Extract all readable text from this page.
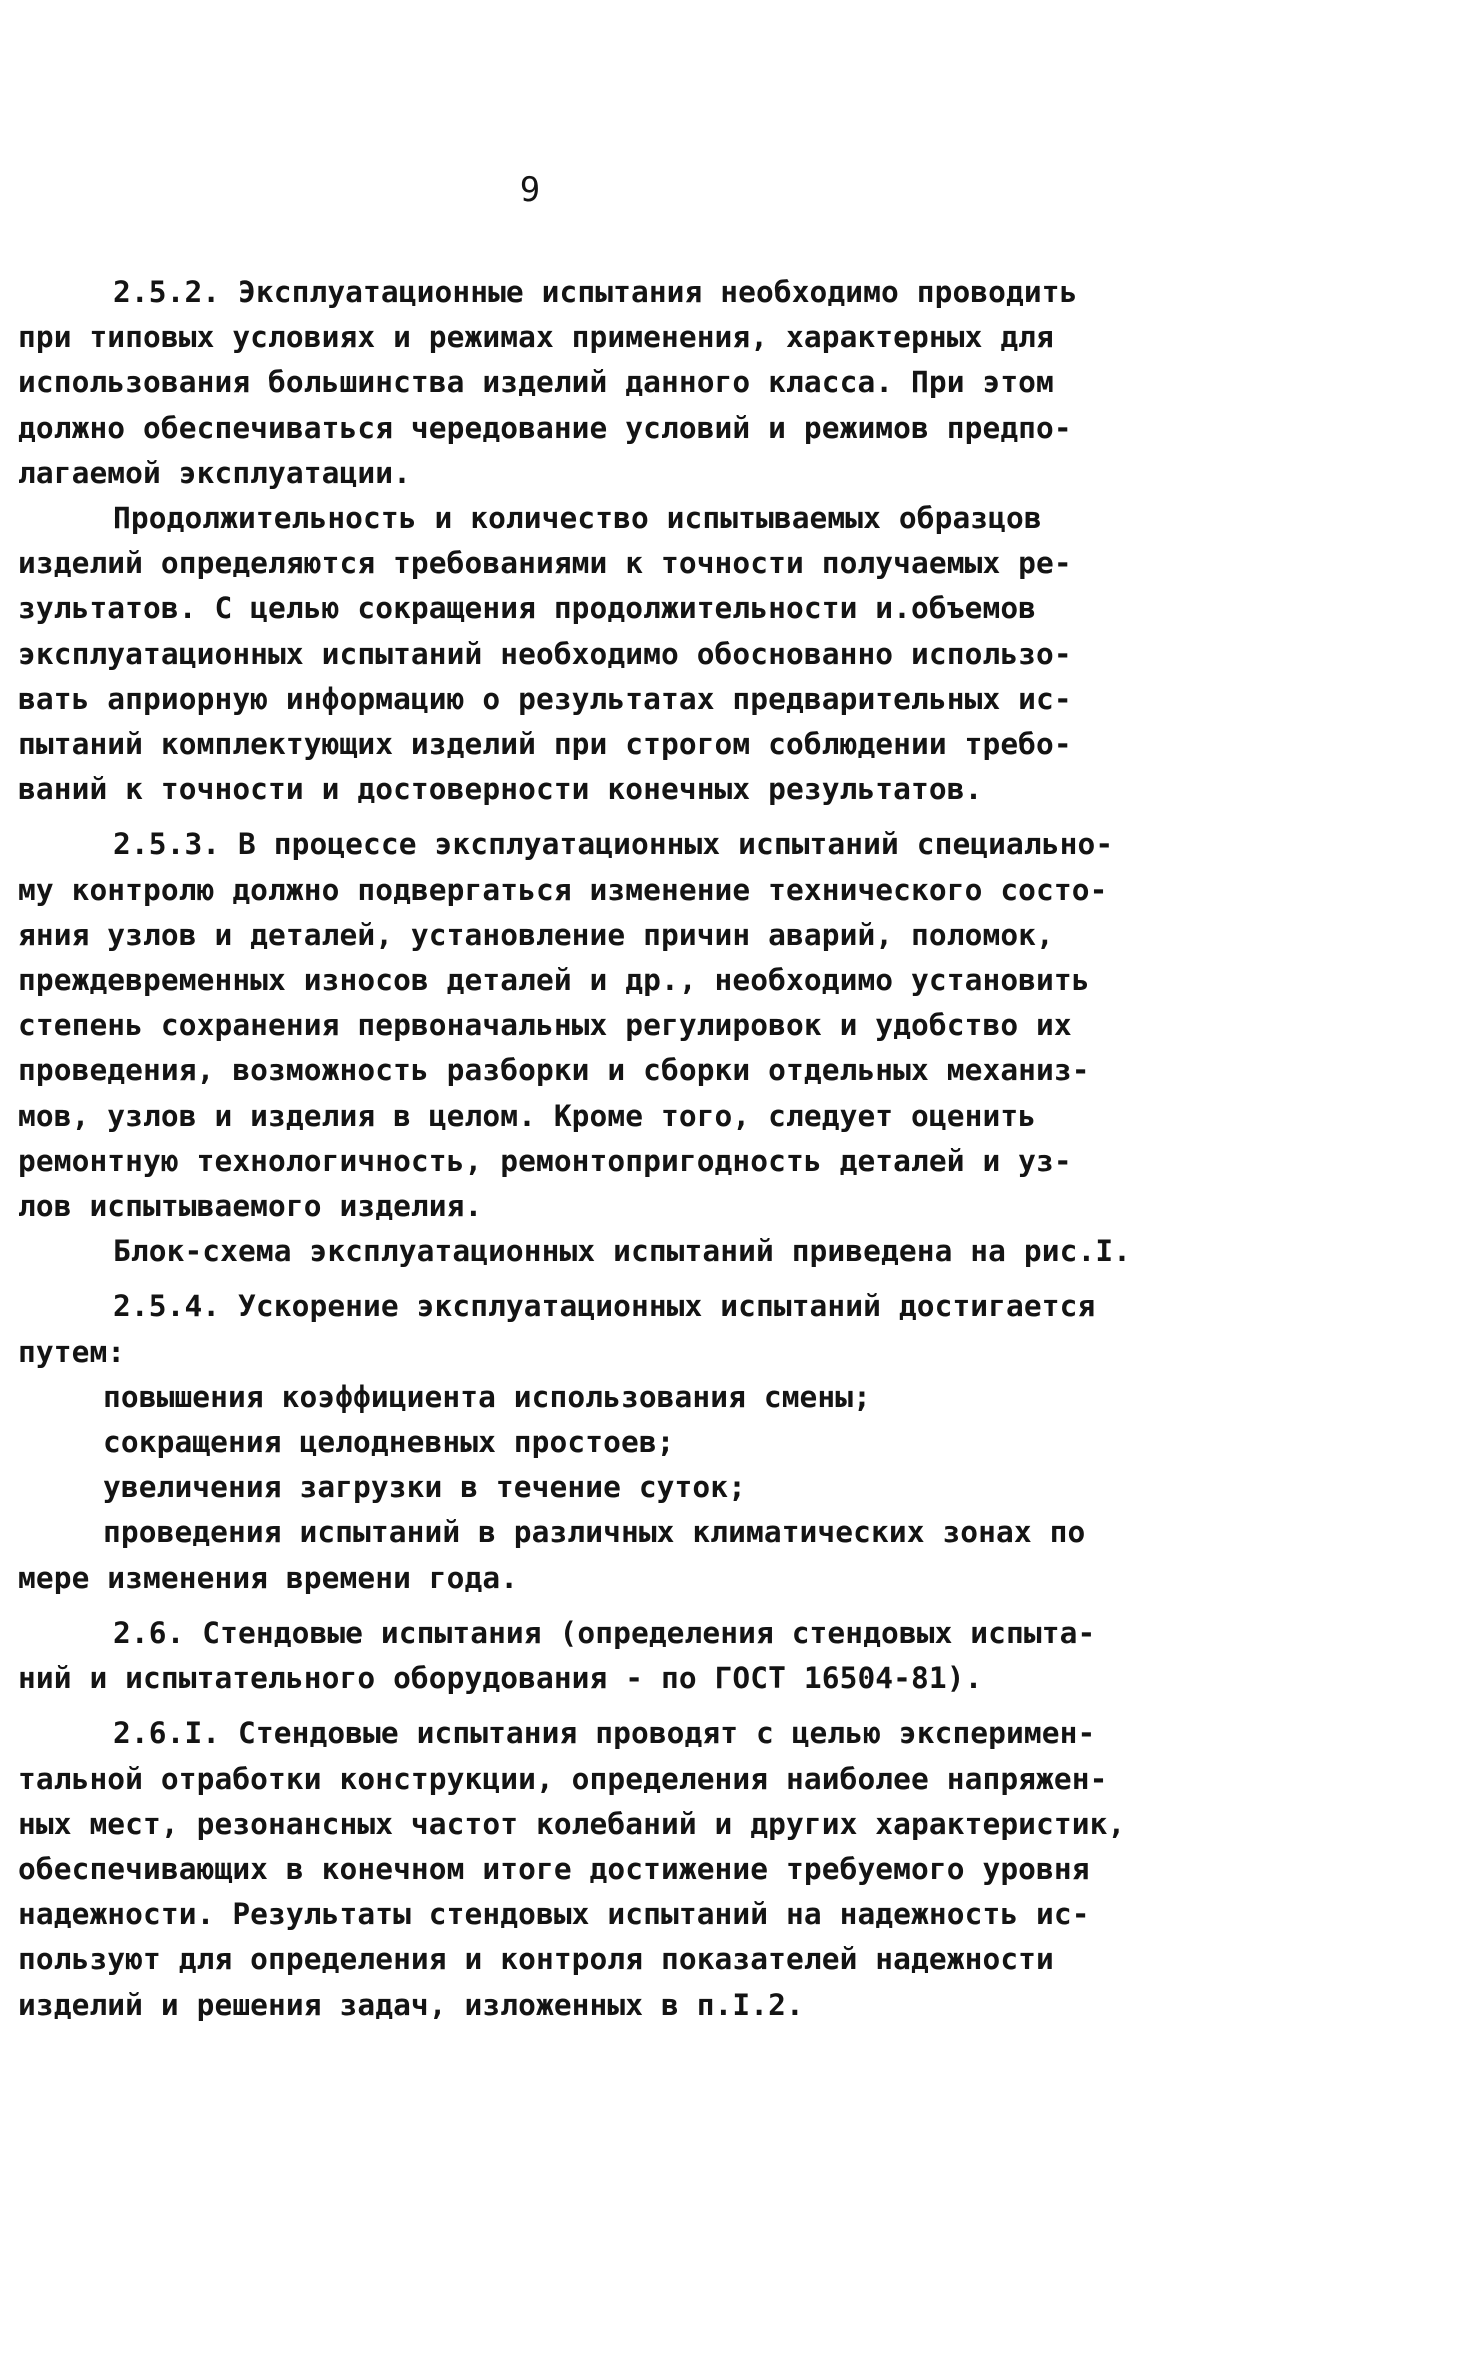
9
2.5.2. Эксплуатационные испытания необходимо проводить
при типовых условиях и режимах применения, характерных для
использования большинства изделий данного класса. При этом
должно обеспечиваться чередование условий и режимов предпо-
лагаемой эксплуатации.
Продолжительность и количество испытываемых образцов
изделий определяются требованиями к точности получаемых ре-
зультатов. С целью сокращения продолжительности и.объемов
эксплуатационных испытаний необходимо обоснованно использо-
вать априорную информацию о результатах предварительных ис-
пытаний комплектующих изделий при строгом соблюдении требо-
ваний к точности и достоверности конечных результатов.
2.5.3. В процессе эксплуатационных испытаний специально-
му контролю должно подвергаться изменение технического состо-
яния узлов и деталей, установление причин аварий, поломок,
преждевременных износов деталей и др., необходимо установить
степень сохранения первоначальных регулировок и удобство их
проведения, возможность разборки и сборки отдельных механиз-
мов, узлов и изделия в целом. Кроме того, следует оценить
ремонтную технологичность, ремонтопригодность деталей и уз-
лов испытываемого изделия.
Блок-схема эксплуатационных испытаний приведена на рис.I.
2.5.4. Ускорение эксплуатационных испытаний достигается
путем:
повышения коэффициента использования смены;
сокращения целодневных простоев;
увеличения загрузки в течение суток;
проведения испытаний в различных климатических зонах по
мере изменения времени года.
2.6. Стендовые испытания (определения стендовых испыта-
ний и испытательного оборудования - по ГОСТ 16504-81).
2.6.I. Стендовые испытания проводят с целью эксперимен-
тальной отработки конструкции, определения наиболее напряжен-
ных мест, резонансных частот колебаний и других характеристик,
обеспечивающих в конечном итоге достижение требуемого уровня
надежности. Результаты стендовых испытаний на надежность ис-
пользуют для определения и контроля показателей надежности
изделий и решения задач, изложенных в п.I.2.
